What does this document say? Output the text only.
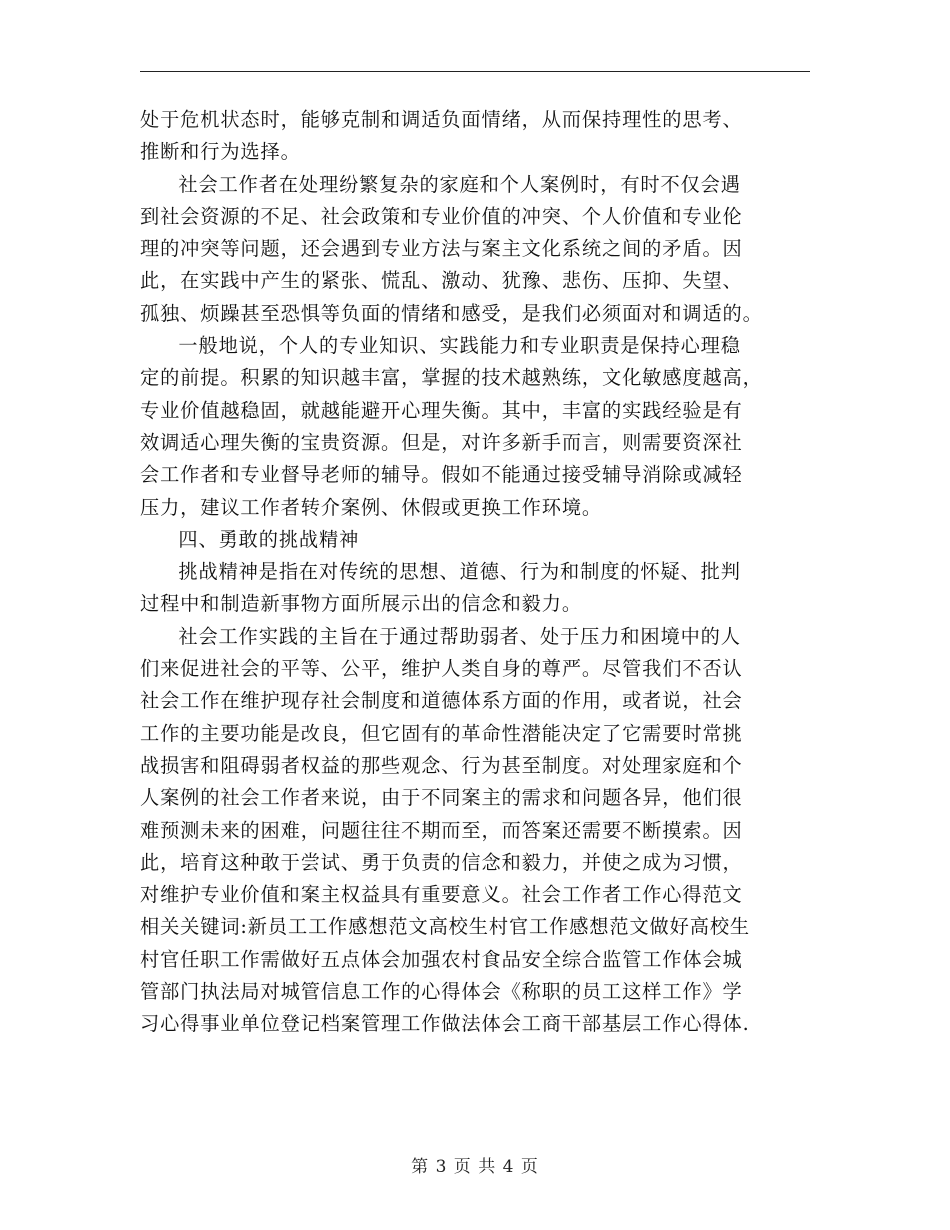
处于危机状态时，能够克制和调适负面情绪，从而保持理性的思考、

推断和行为选择。

社会工作者在处理纷繁复杂的家庭和个人案例时，有时不仅会遇

到社会资源的不足、社会政策和专业价值的冲突、个人价值和专业伦

理的冲突等问题，还会遇到专业方法与案主文化系统之间的矛盾。因

此，在实践中产生的紧张、慌乱、激动、犹豫、悲伤、压抑、失望、

孤独、烦躁甚至恐惧等负面的情绪和感受，是我们必须面对和调适的。

一般地说，个人的专业知识、实践能力和专业职责是保持心理稳

定的前提。积累的知识越丰富，掌握的技术越熟练，文化敏感度越高，

专业价值越稳固，就越能避开心理失衡。其中，丰富的实践经验是有

效调适心理失衡的宝贵资源。但是，对许多新手而言，则需要资深社

会工作者和专业督导老师的辅导。假如不能通过接受辅导消除或减轻

压力，建议工作者转介案例、休假或更换工作环境。

四、勇敢的挑战精神

挑战精神是指在对传统的思想、道德、行为和制度的怀疑、批判

过程中和制造新事物方面所展示出的信念和毅力。

社会工作实践的主旨在于通过帮助弱者、处于压力和困境中的人

们来促进社会的平等、公平，维护人类自身的尊严。尽管我们不否认

社会工作在维护现存社会制度和道德体系方面的作用，或者说，社会

工作的主要功能是改良，但它固有的革命性潜能决定了它需要时常挑

战损害和阻碍弱者权益的那些观念、行为甚至制度。对处理家庭和个

人案例的社会工作者来说，由于不同案主的需求和问题各异，他们很

难预测未来的困难，问题往往不期而至，而答案还需要不断摸索。因

此，培育这种敢于尝试、勇于负责的信念和毅力，并使之成为习惯，

对维护专业价值和案主权益具有重要意义。社会工作者工作心得范文

相关关键词:新员工工作感想范文高校生村官工作感想范文做好高校生

村官任职工作需做好五点体会加强农村食品安全综合监管工作体会城

管部门执法局对城管信息工作的心得体会《称职的员工这样工作》学

习心得事业单位登记档案管理工作做法体会工商干部基层工作心得体.

第 3 页 共 4 页
